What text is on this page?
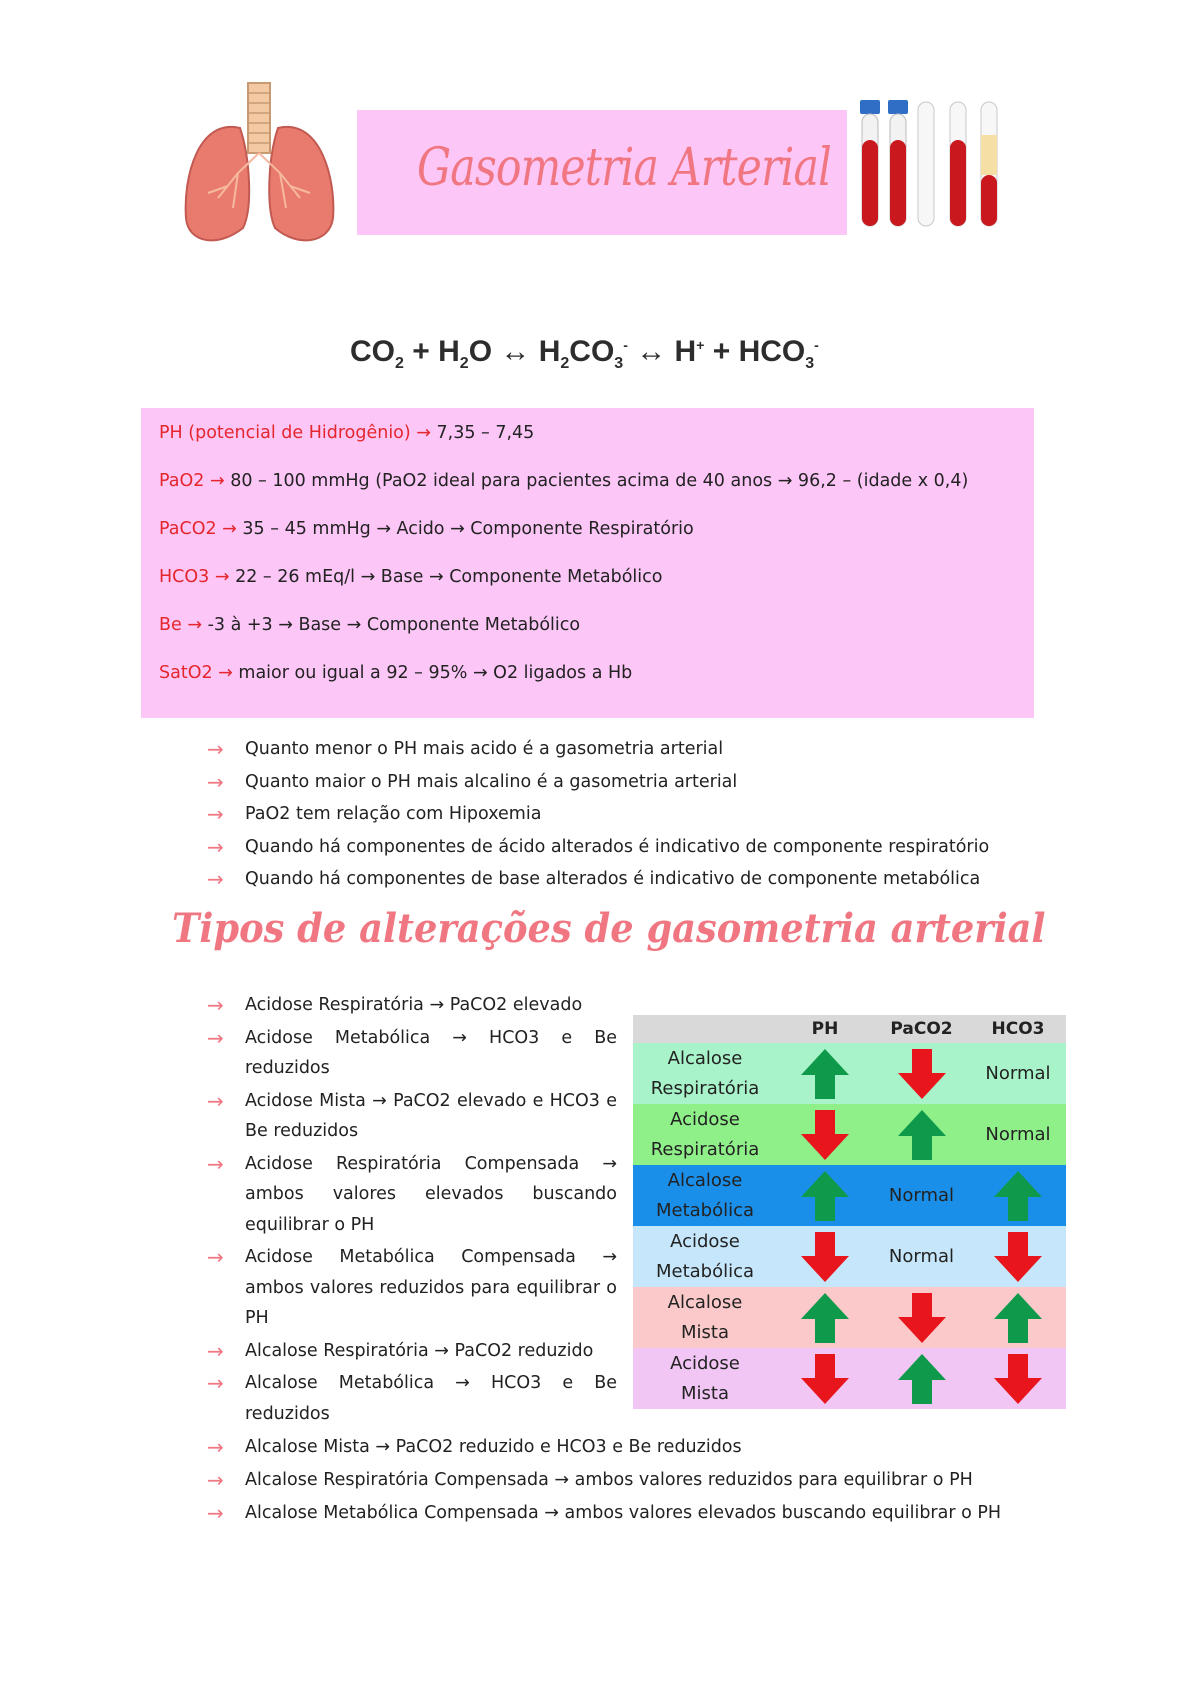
Gasometria Arterial
$CO_2 + H_2O$ ↔ $H_2CO_3^-$ ↔ $H^+ + HCO_3^-$
PH (potencial de Hidrogênio) → 7,35 – 7,45
PaO2 → 80 – 100 mmHg (PaO2 ideal para pacientes acima de 40 anos → 96,2 – (idade x 0,4)
PaCO2 → 35 – 45 mmHg → Acido → Componente Respiratório
HCO3 → 22 – 26 mEq/l → Base → Componente Metabólico
Be → -3 à +3 → Base → Componente Metabólico
SatO2 → maior ou igual a 92 – 95% → O2 ligados a Hb
→	Quanto menor o PH mais acido é a gasometria arterial
→	Quanto maior o PH mais alcalino é a gasometria arterial
→	PaO2 tem relação com Hipoxemia
→	Quando há componentes de ácido alterados é indicativo de componente respiratório
→	Quando há componentes de base alterados é indicativo de componente metabólica
Tipos de alterações de gasometria arterial
→	Acidose Respiratória → PaCO2 elevado
→	Acidose Metabólica → HCO3 e Be reduzidos
→	Acidose Mista → PaCO2 elevado e HCO3 e Be reduzidos
→	Acidose Respiratória Compensada → ambos valores elevados buscando equilibrar o PH
→	Acidose Metabólica Compensada → ambos valores reduzidos para equilibrar o PH
→	Alcalose Respiratória → PaCO2 reduzido
→	Alcalose Metabólica → HCO3 e Be reduzidos
→	Alcalose Mista → PaCO2 reduzido e HCO3 e Be reduzidos
→	Alcalose Respiratória Compensada → ambos valores reduzidos para equilibrar o PH
→	Alcalose Metabólica Compensada → ambos valores elevados buscando equilibrar o PH
	PH	PaCO2	HCO3
Alcalose
Respiratória			Normal
Acidose
Respiratória			Normal
Alcalose
Metabólica		Normal	
Acidose
Metabólica		Normal	
Alcalose
Mista			
Acidose
Mista			
